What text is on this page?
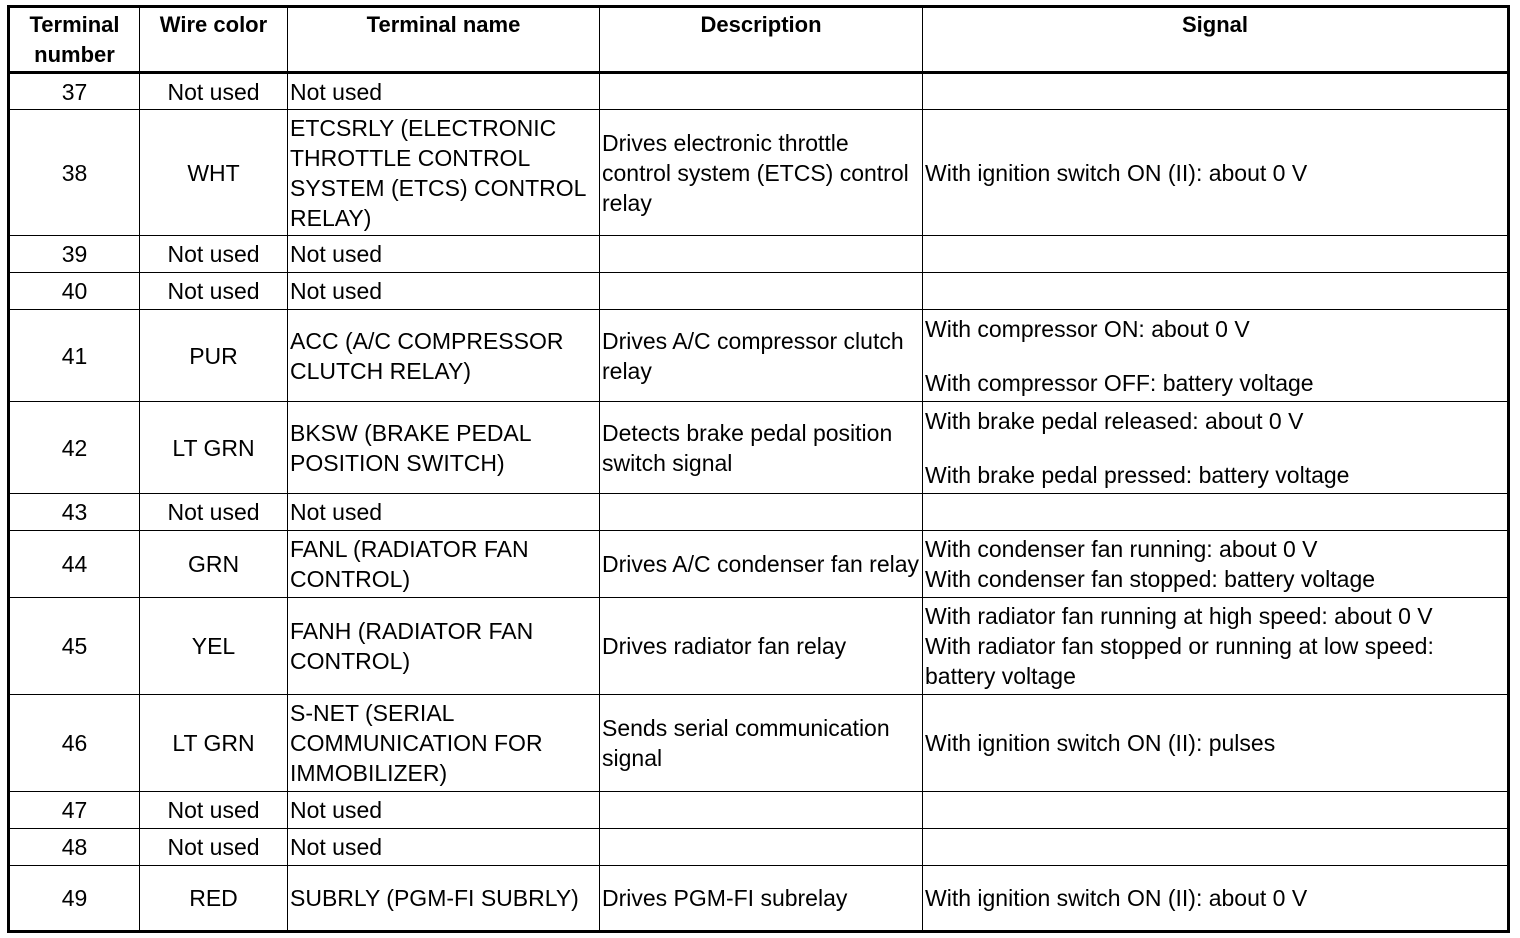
Terminal number	Wire color	Terminal name	Description	Signal
37	Not used	Not used		
38	WHT	ETCSRLY (ELECTRONIC THROTTLE CONTROL SYSTEM (ETCS) CONTROL RELAY)	Drives electronic throttle control system (ETCS) control relay	With ignition switch ON (II): about 0 V

39	Not used	Not used		
40	Not used	Not used		
41	PUR	ACC (A/C COMPRESSOR CLUTCH RELAY)	Drives A/C compressor clutch relay	With compressor ON: about 0 V
With compressor OFF: battery voltage

42	LT GRN	BKSW (BRAKE PEDAL POSITION SWITCH)	Detects brake pedal position switch signal	With brake pedal released: about 0 V
With brake pedal pressed: battery voltage

43	Not used	Not used		
44	GRN	FANL (RADIATOR FAN CONTROL)	Drives A/C condenser fan relay	With condenser fan running: about 0 V
With condenser fan stopped: battery voltage

45	YEL	FANH (RADIATOR FAN CONTROL)	Drives radiator fan relay	With radiator fan running at high speed: about 0 V
With radiator fan stopped or running at low speed:
battery voltage

46	LT GRN	S-NET (SERIAL COMMUNICATION FOR IMMOBILIZER)	Sends serial communication signal	With ignition switch ON (II): pulses

47	Not used	Not used		
48	Not used	Not used		
49	RED	SUBRLY (PGM-FI SUBRLY)	Drives PGM-FI subrelay	With ignition switch ON (II): about 0 V
